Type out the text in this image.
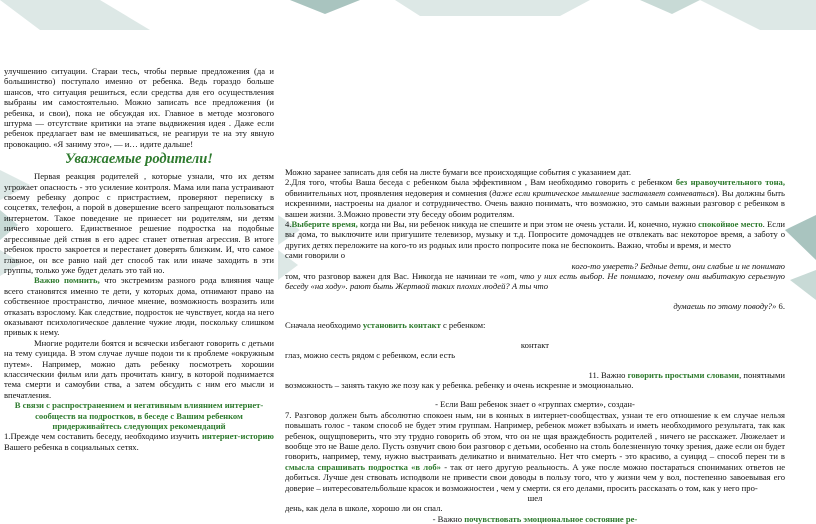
улучшению ситуации. Старaи тесь, чтобы первые предложения (да и большинство) поступало именно от ребенка. Ведь гораздо больше шансов, что ситуация решиться, если средства для его осуществления выбраны им самостоятельно. Можно записать все предложения (и ребенка, и свои), пока не обсуждая их. Главное в методе мозгового штурма — отсутствие критики на этапе выдвижения идея . Даже если ребенок предлагает вам не вмешиваться, не реагируи те на эту явную провокацию. «Я заниму это», — и… идите дальше!

Уважаемые родители!

Первая реакция родителей , которые узнали, что их детям угрожает опасность - это усиление контроля. Мама или папа устраивают своему ребенку допрос с пристрастием, проверяют переписку в соцсетях, телефон, а порой в довершение всего запрещают пользоваться интернетом. Такое поведение не принесет ни родителям, ни детям ничего хорошего. Единственное решение подростка на подобные агрессивные дей ствия в его адрес станет ответная агрессия. В итоге ребенок просто закроется и перестанет доверять близким. И, что самое главное, он все равно най дет способ так или иначе заходить в эти группы, только уже будет делать это тай но.

Важно помнить, что экстремизм разного рода влияния чаще всего становятся именно те дети, у которых дома, отнимают право на собственное пространство, личное мнение, возможность возразить или отказать взрослому. Как следствие, подросток не чувствует, когда на него оказывают психологическое давление чужие люди, поскольку слишком привык к нему.

Многие родители боятся и всячески избегают говорить с детьми на тему суицида. В этом случае лучше подои ти к проблеме «окружным путем». Например, можно дать ребенку посмотреть хорошии классическии фильм или дать прочитать книгу, в которой поднимается тема смерти и самоубии ства, а затем обсудить с ним его мысли и впечатления.

В связи с распространением и негативным влиянием интернет-сообществ на подростков, в беседе с Вашим ребенком

придерживайтесь следующих рекомендаций

1.Прежде чем составить беседу, необходимо изучить интернет-историю Вашего ребенка в социальных сетях.

Можно заранее записать для себя на листе бумаги все происходящие события с указанием дат.

2.Для того, чтобы Ваша беседа с ребенком была эффективном , Вам необходимо говорить с ребенком без нравоучительного тона, обвинительных нот, проявления недоверия и сомнения (даже если критическое мышление заставляет сомневаться). Вы должны быть искренними, настроены на диалог и сотрудничество. Очень важно понимать, что возможно, это самыи важныи разговор с ребенком в вашеи жизни. 3.Можно провести эту беседу обоим родителям.

4.Выберите время, когда ни Вы, ни ребенок никуда не спешите и при этом не очень устали. И, конечно, нужно спокойное место. Если вы дома, то выключите или пригушите телевизор, музыку и т.д. Попросите домочадцев не отвлекать вас некоторое время, а заботу о других детях переложите на кого-то из родных или просто попросите пока не беспокоить. Важно, чтобы и время, и место

сами говорили о

кого-то умереть? Бедные дети, они слабые и не понимаю

том, что разговор важен для Вас. Никогда не начинаи те «от, что у них есть выбор. Не понимаю, почему они выбитакую серьезную беседу «на ходу». рают быть Жертвой таких плохих людей? А ты что

думаешь по этому поводу?» 6.

Сначала необходимо установить контакт с ребенком:

контакт

глаз, можно сесть рядом с ребенком, если есть

11. Важно говорить простыми словами, понятными

возможность – занять такую же позу как у ребенка. ребенку и очень искренне и эмоционально.

- Если Ваш ребенок знает о «группах смерти», создан-

7. Разговор должен быть абсолютно спокоен ным, ни в конных в интернет-сообществах, узнаи те его отношение к ем случае нельзя повышать голос - таком способ не будет этим группам. Например, ребенок может взбыхать и иметь необходимого результата, так как ребенок, ощущповерить, что эту трудно говорить об этом, что он не щая враждебность родителей , ничего не расскажет. Люжелает и вообще это не Ваше дело. Пусть озвучит свою бои разговор с детьми, особенно на столь болезненную точку зрения, даже если он будет говорить, например, тему, нужно выстраивать деликатно и внимательно. Нет что смерть - это красиво, а суицид – способ перен ти в смысла спрашивать подростка «в лоб» - так от него другую реальность. А уже после можно постараться спониманих ответов не добиться. Лучше ден ствовать исподволи не привести свои доводы в пользу того, что у жизни чем у вол, постепенно завоевывая его доверие – интересовательбольше красок и возможностеи , чем у смерти. ся его делами, просить рассказать о том, как у него про-

шел

день, как дела в школе, хорошо ли он спал.

- Важно почувствовать эмоциональное состояние ре-
